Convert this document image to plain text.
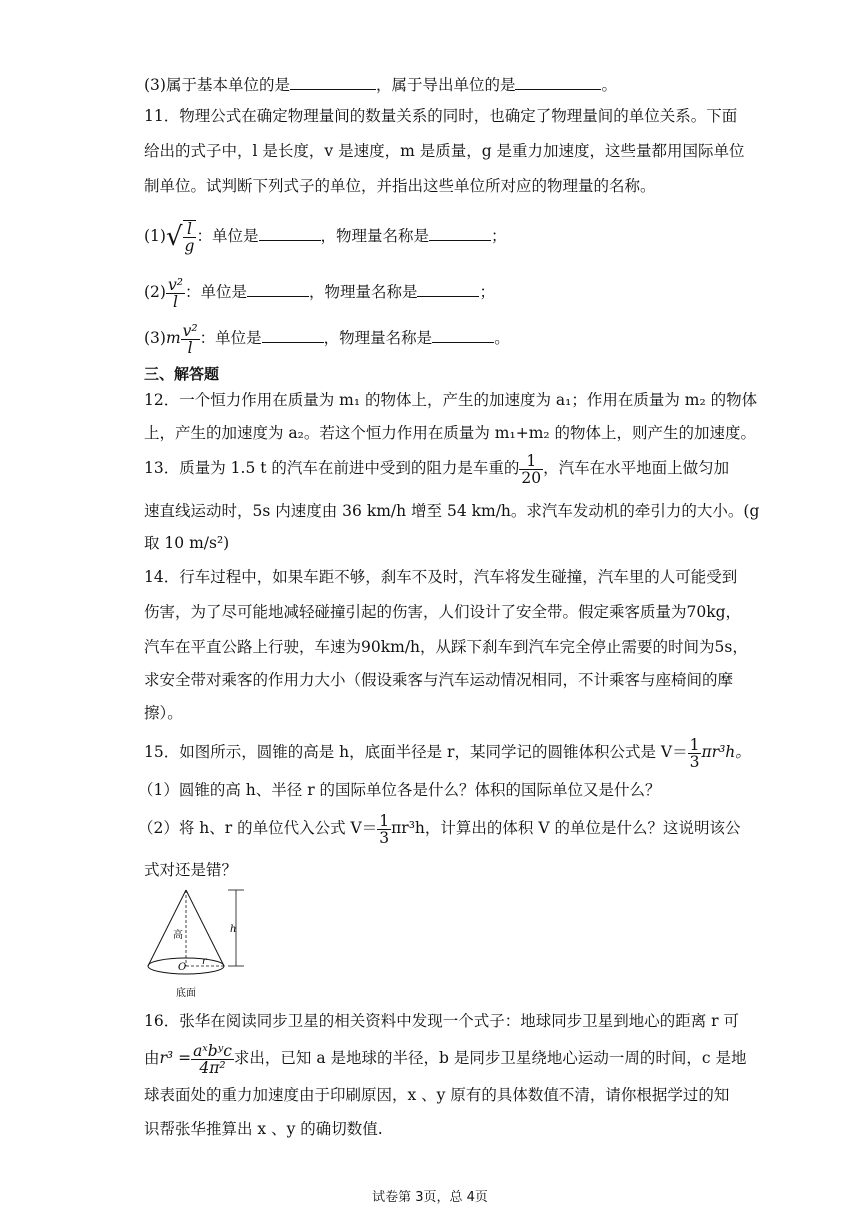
(3)属于基本单位的是	，属于导出单位的是	。
11．物理公式在确定物理量间的数量关系的同时，也确定了物理量间的单位关系。下面
给出的式子中，l 是长度，v 是速度，m 是质量，g 是重力加速度，这些量都用国际单位
制单位。试判断下列式子的单位，并指出这些单位所对应的物理量的名称。
$(1)√ \frac{l}{g}$ ：单位是	，物理量名称是	；
$(2) \frac{\text{v²}}{l}$ ：单位是	，物理量名称是	；
$(3)m \frac{\text{v²}}{l}$ ：单位是	，物理量名称是	。
三、解答题
12．一个恒力作用在质量为 m₁ 的物体上，产生的加速度为 a₁；作用在质量为 m₂ 的物体
上，产生的加速度为 a₂。若这个恒力作用在质量为 m₁+m₂ 的物体上，则产生的加速度。
13．质量为 1.5 t 的汽车在前进中受到的阻力是车重的 $\frac{1}{20}$ ，汽车在水平地面上做匀加
速直线运动时，5s 内速度由 36 km/h 增至 54 km/h。求汽车发动机的牵引力的大小。(g
取 10 m/s²)
14．行车过程中，如果车距不够，刹车不及时，汽车将发生碰撞，汽车里的人可能受到
伤害，为了尽可能地减轻碰撞引起的伤害，人们设计了安全带。假定乘客质量为70kg，
汽车在平直公路上行驶，车速为90km/h，从踩下刹车到汽车完全停止需要的时间为5s，
求安全带对乘客的作用力大小（假设乘客与汽车运动情况相同，不计乘客与座椅间的摩
擦）。
15．如图所示，圆锥的高是 h，底面半径是 r，某同学记的圆锥体积公式是 $V= \frac{1}{3} \pi r^3h$。
（1）圆锥的高 h、半径 r 的国际单位各是什么？体积的国际单位又是什么？
（2）将 h、r 的单位代入公式 $V= \frac{1}{3} \pi r^3h$，计算出的体积 V 的单位是什么？这说明该公
式对还是错？
高
h
O
r
底面
16．张华在阅读同步卫星的相关资料中发现一个式子：地球同步卫星到地心的距离 r 可
由$r^3 = \frac{\text{aˣbʸc}}{\text{4π²}}$ 求出，已知 a 是地球的半径，b 是同步卫星绕地心运动一周的时间，c 是地
球表面处的重力加速度由于印刷原因，x 、y 原有的具体数值不清，请你根据学过的知
识帮张华推算出 x 、y 的确切数值.
试卷第 3页，总 4页
